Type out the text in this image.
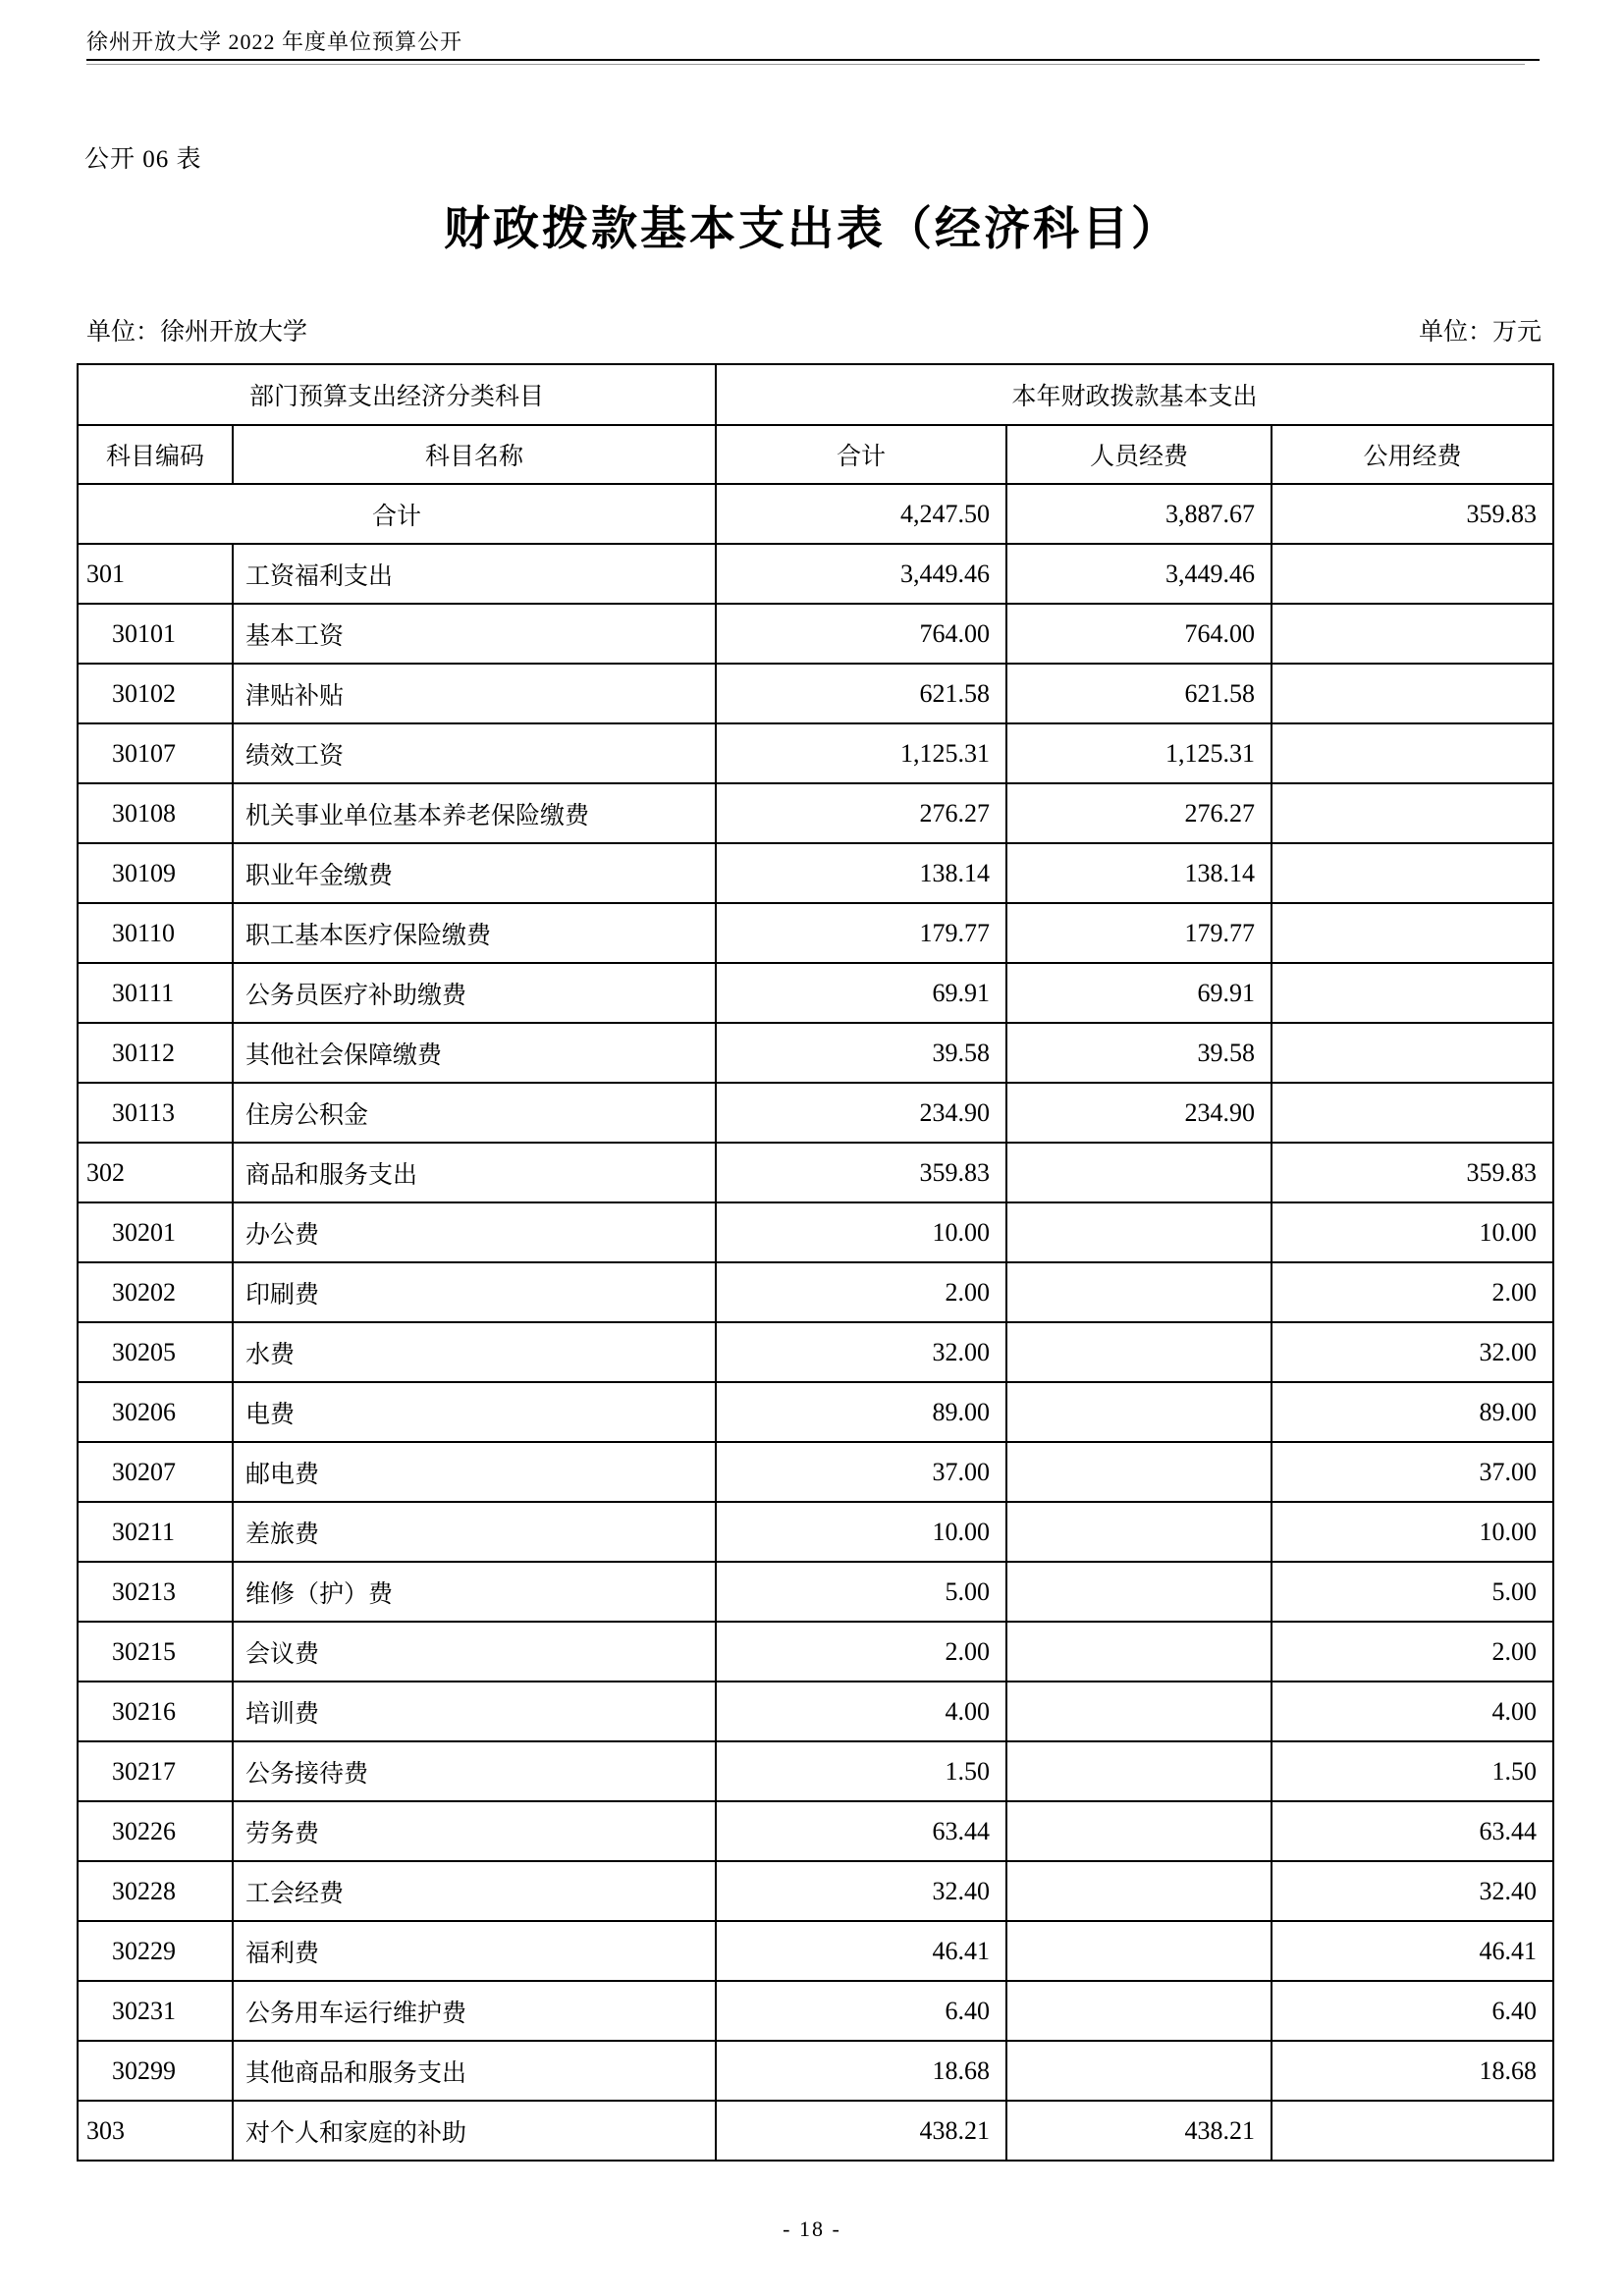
徐州开放大学 2022 年度单位预算公开
公开 06 表
财政拨款基本支出表（经济科目）
单位：徐州开放大学	单位：万元
部门预算支出经济分类科目		本年财政拨款基本支出		
科目编码	科目名称	合计	人员经费	公用经费
合计		4,247.50	3,887.67	359.83
301	工资福利支出	3,449.46	3,449.46	
30101	基本工资	764.00	764.00	
30102	津贴补贴	621.58	621.58	
30107	绩效工资	1,125.31	1,125.31	
30108	机关事业单位基本养老保险缴费	276.27	276.27	
30109	职业年金缴费	138.14	138.14	
30110	职工基本医疗保险缴费	179.77	179.77	
30111	公务员医疗补助缴费	69.91	69.91	
30112	其他社会保障缴费	39.58	39.58	
30113	住房公积金	234.90	234.90	
302	商品和服务支出	359.83		359.83
30201	办公费	10.00		10.00
30202	印刷费	2.00		2.00
30205	水费	32.00		32.00
30206	电费	89.00		89.00
30207	邮电费	37.00		37.00
30211	差旅费	10.00		10.00
30213	维修（护）费	5.00		5.00
30215	会议费	2.00		2.00
30216	培训费	4.00		4.00
30217	公务接待费	1.50		1.50
30226	劳务费	63.44		63.44
30228	工会经费	32.40		32.40
30229	福利费	46.41		46.41
30231	公务用车运行维护费	6.40		6.40
30299	其他商品和服务支出	18.68		18.68
303	对个人和家庭的补助	438.21	438.21	
- 18 -
